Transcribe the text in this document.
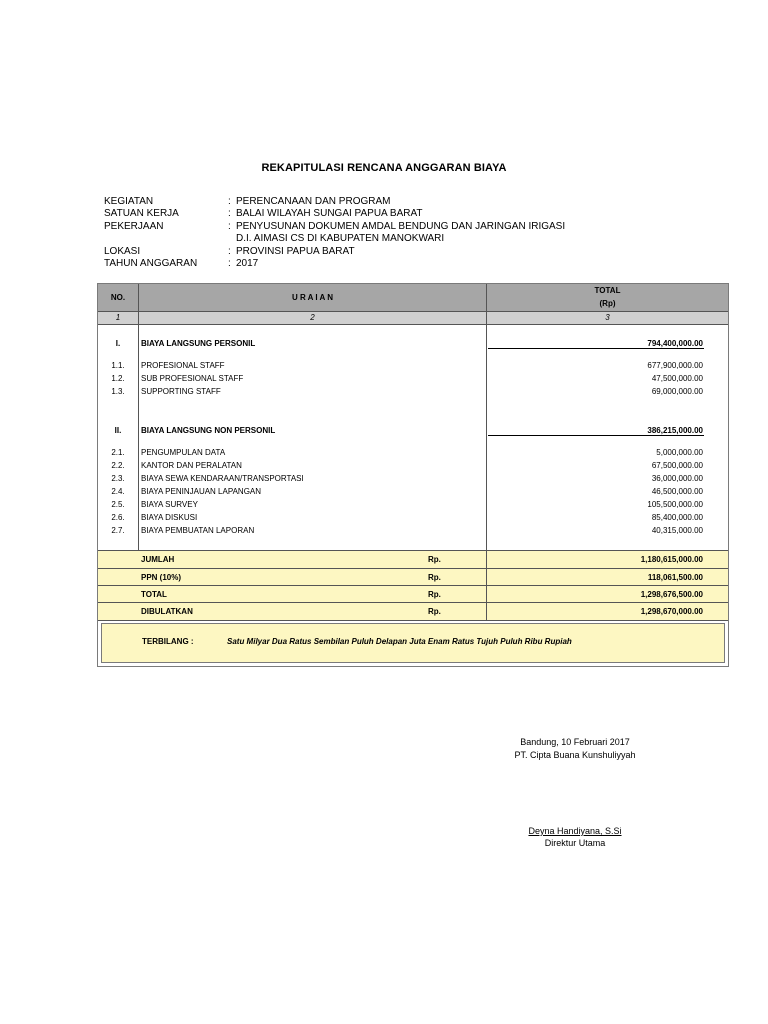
REKAPITULASI RENCANA ANGGARAN BIAYA
KEGIATAN	: PERENCANAAN DAN PROGRAM
SATUAN KERJA	: BALAI WILAYAH SUNGAI PAPUA BARAT
PEKERJAAN	: PENYUSUNAN DOKUMEN AMDAL BENDUNG DAN JARINGAN IRIGASI
D.I. AIMASI CS DI KABUPATEN MANOKWARI
LOKASI	: PROVINSI PAPUA BARAT
TAHUN ANGGARAN	: 2017
NO.	U R A I A N
TOTAL
(Rp)
1	2	3
I.	BIAYA LANGSUNG PERSONIL	794,400,000.00
1.1.	PROFESIONAL STAFF	677,900,000.00
1.2.	SUB PROFESIONAL STAFF	47,500,000.00
1.3.	SUPPORTING STAFF	69,000,000.00
II.	BIAYA LANGSUNG NON PERSONIL	386,215,000.00
2.1.	PENGUMPULAN DATA	5,000,000.00
2.2.	KANTOR DAN PERALATAN	67,500,000.00
2.3.	BIAYA SEWA KENDARAAN/TRANSPORTASI	36,000,000.00
2.4.	BIAYA PENINJAUAN LAPANGAN	46,500,000.00
2.5.	BIAYA SURVEY	105,500,000.00
2.6.	BIAYA DISKUSI	85,400,000.00
2.7.	BIAYA PEMBUATAN LAPORAN	40,315,000.00
JUMLAH	Rp.	1,180,615,000.00
PPN (10%)	Rp.	118,061,500.00
TOTAL	Rp.	1,298,676,500.00
DIBULATKAN	Rp.	1,298,670,000.00
TERBILANG :	Satu Milyar Dua Ratus Sembilan Puluh Delapan Juta Enam Ratus Tujuh Puluh Ribu Rupiah
Bandung, 10 Februari 2017
PT. Cipta Buana Kunshuliyyah
Deyna Handiyana, S.Si
Direktur Utama
